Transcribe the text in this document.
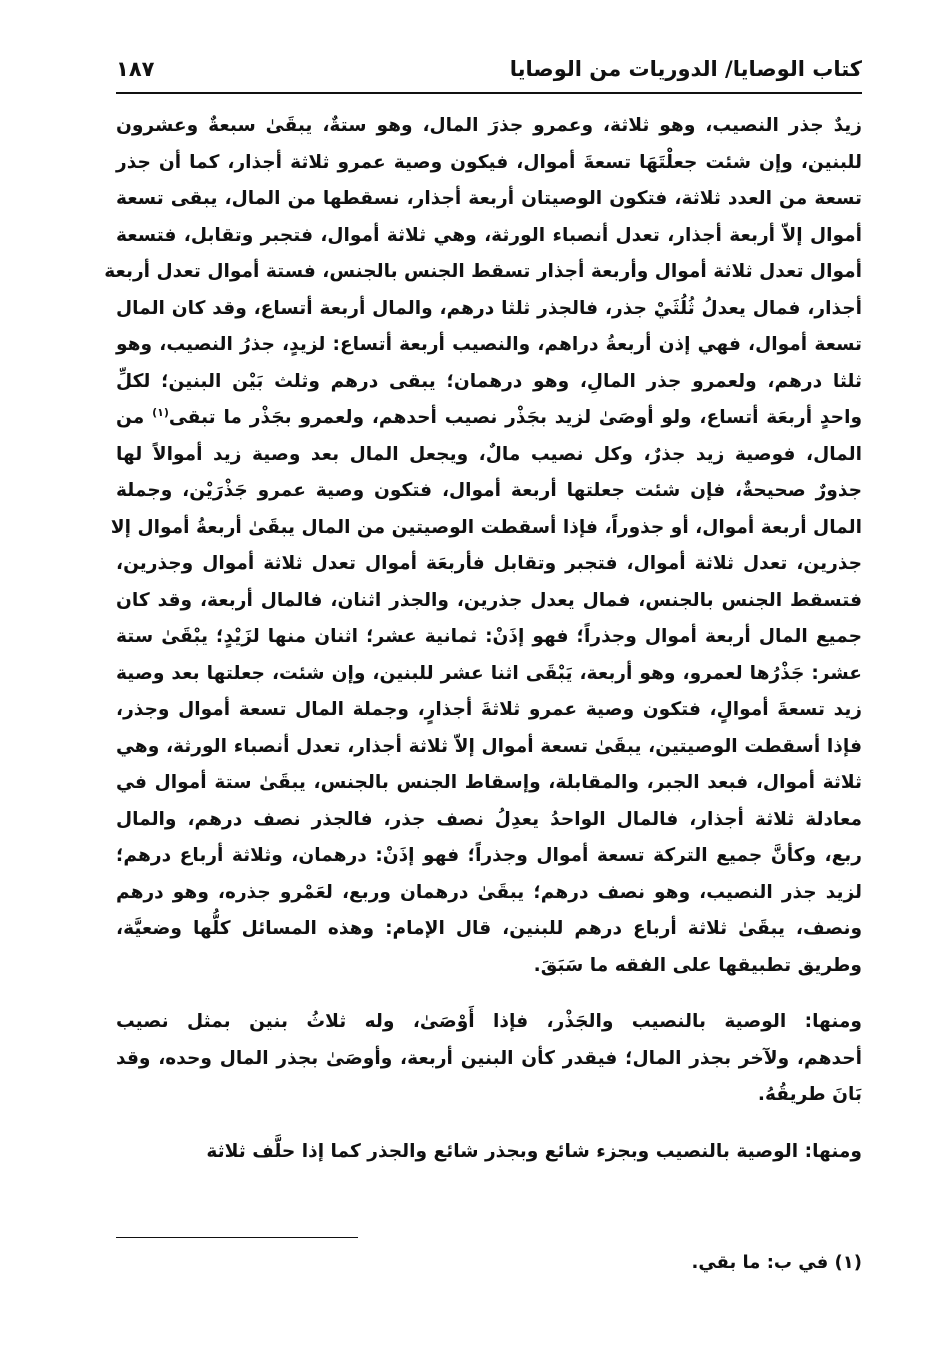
كتاب الوصايا/ الدوريات من الوصايا
١٨٧
زيدٌ جذر النصيب، وهو ثلاثة، وعمرو جذرَ المال، وهو ستةٌ، يبقَىٰ سبعةٌ وعشرون
للبنين، وإن شئت جعلْتَهَا تسعةَ أموال، فيكون وصية عمرو ثلاثة أجذار، كما أن جذر
تسعة من العدد ثلاثة، فتكون الوصيتان أربعة أجذار، نسقطها من المال، يبقى تسعة
أموال إلاّ أربعة أجذار، تعدل أنصباء الورثة، وهي ثلاثة أموال، فتجبر وتقابل، فتسعة
أموال تعدل ثلاثة أموال وأربعة أجذار تسقط الجنس بالجنس، فستة أموال تعدل أربعة
أجذار، فمال يعدلُ ثُلُثَيْ جذر، فالجذر ثلثا درهم، والمال أربعة أتساع، وقد كان المال
تسعة أموال، فهي إذن أربعةُ دراهم، والنصيب أربعة أتساع: لزيدٍ، جذرُ النصيب، وهو
ثلثا درهم، ولعمرو جذر المالِ، وهو درهمان؛ يبقى درهم وثلث بَيْن البنين؛ لكلِّ
واحدٍ أربعَة أتساع، ولو أوصَىٰ لزيد بجَذْر نصيب أحدهم، ولعمرو بجَذْر ما تبقى$^{(١)}$ من
المال، فوصية زيد جذرٌ، وكل نصيب مالٌ، ويجعل المال بعد وصية زيد أموالاً لها
جذورٌ صحيحةٌ، فإن شئت جعلتها أربعة أموال، فتكون وصية عمرو جَذْرَيْن، وجملة
المال أربعة أموال، أو جذوراً، فإذا أسقطت الوصيتين من المال يبقَىٰ أربعةُ أموال إلا
جذرين، تعدل ثلاثة أموال، فتجبر وتقابل فأربعَة أموال تعدل ثلاثة أموال وجذرين،
فتسقط الجنس بالجنس، فمال يعدل جذرين، والجذر اثنان، فالمال أربعة، وقد كان
جميع المال أربعة أموال وجذراً؛ فهو إذَنْ: ثمانية عشر؛ اثنان منها لزَيْدٍ؛ يبْقَىٰ ستة
عشر: جَذْرُها لعمرو، وهو أربعة، يَبْقَى اثنا عشر للبنين، وإن شئت، جعلتها بعد وصية
زيد تسعةَ أموالٍ، فتكون وصية عمرو ثلاثةَ أجذارٍ، وجملة المال تسعة أموال وجذر،
فإذا أسقطت الوصيتين، يبقَىٰ تسعة أموال إلاّ ثلاثة أجذار، تعدل أنصباء الورثة، وهي
ثلاثة أموال، فبعد الجبر، والمقابلة، وإسقاط الجنس بالجنس، يبقَىٰ ستة أموال في
معادلة ثلاثة أجذار، فالمال الواحدُ يعدِلُ نصف جذر، فالجذر نصف درهم، والمال
ربع، وكأنَّ جميع التركة تسعة أموال وجذراً؛ فهو إذَنْ: درهمان، وثلاثة أرباع درهم؛
لزيد جذر النصيب، وهو نصف درهم؛ يبقَىٰ درهمان وربع، لعَمْرو جذره، وهو درهم
ونصف، يبقَىٰ ثلاثة أرباع درهم للبنين، قال الإمام: وهذه المسائل كلُّها وضعيَّة،
وطريق تطبيقها على الفقه ما سَبَقَ.
ومنها: الوصية بالنصيب والجَذْر، فإذا أَوْصَىٰ، وله ثلاثُ بنين بمثل نصيب
أحدهم، ولآخر بجذر المال؛ فيقدر كأن البنين أربعة، وأوصَىٰ بجذر المال وحده، وقد
بَانَ طريقُهُ.
ومنها: الوصية بالنصيب وبجزء شائع وبجذر شائع والجذر كما إذا حلَّف ثلاثة
(١) في ب: ما بقي.
